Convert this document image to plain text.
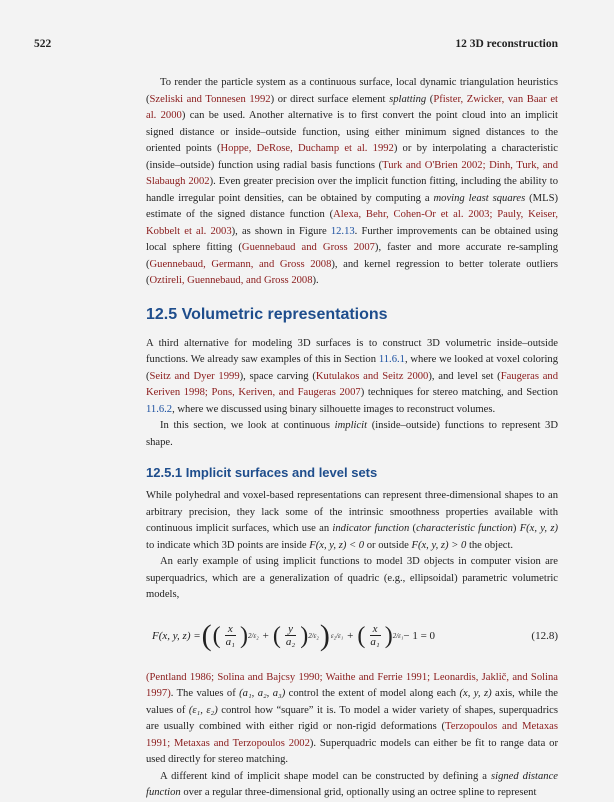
522	12 3D reconstruction

To render the particle system as a continuous surface, local dynamic triangulation heuristics (Szeliski and Tonnesen 1992) or direct surface element splatting (Pfister, Zwicker, van Baar et al. 2000) can be used. Another alternative is to first convert the point cloud into an implicit signed distance or inside–outside function, using either minimum signed distances to the oriented points (Hoppe, DeRose, Duchamp et al. 1992) or by interpolating a characteristic (inside–outside) function using radial basis functions (Turk and O'Brien 2002; Dinh, Turk, and Slabaugh 2002). Even greater precision over the implicit function fitting, including the ability to handle irregular point densities, can be obtained by computing a moving least squares (MLS) estimate of the signed distance function (Alexa, Behr, Cohen-Or et al. 2003; Pauly, Keiser, Kobbelt et al. 2003), as shown in Figure 12.13. Further improvements can be obtained using local sphere fitting (Guennebaud and Gross 2007), faster and more accurate re-sampling (Guennebaud, Germann, and Gross 2008), and kernel regression to better tolerate outliers (Oztireli, Guennebaud, and Gross 2008).

12.5 Volumetric representations

A third alternative for modeling 3D surfaces is to construct 3D volumetric inside–outside functions. We already saw examples of this in Section 11.6.1, where we looked at voxel coloring (Seitz and Dyer 1999), space carving (Kutulakos and Seitz 2000), and level set (Faugeras and Keriven 1998; Pons, Keriven, and Faugeras 2007) techniques for stereo matching, and Section 11.6.2, where we discussed using binary silhouette images to reconstruct volumes.

In this section, we look at continuous implicit (inside–outside) functions to represent 3D shape.

12.5.1 Implicit surfaces and level sets

While polyhedral and voxel-based representations can represent three-dimensional shapes to an arbitrary precision, they lack some of the intrinsic smoothness properties available with continuous implicit surfaces, which use an indicator function (characteristic function) F(x, y, z) to indicate which 3D points are inside F(x, y, z) < 0 or outside F(x, y, z) > 0 the object.

An early example of using implicit functions to model 3D objects in computer vision are superquadrics, which are a generalization of quadric (e.g., ellipsoidal) parametric volumetric models,

F(x, y, z) = ( ( $\frac{x}{\text{a₁}}$ ) 2/ε₂ + ( $\frac{y}{\text{a₂}}$ ) 2/ε₂ ) ε₂/ε₁ + ( $\frac{x}{\text{a₁}}$ ) 2/ε₁ − 1 = 0	(12.8)

(Pentland 1986; Solina and Bajcsy 1990; Waithe and Ferrie 1991; Leonardis, Jaklič, and Solina 1997). The values of (a₁, a₂, a₃) control the extent of model along each (x, y, z) axis, while the values of (ε₁, ε₂) control how “square” it is. To model a wider variety of shapes, superquadrics are usually combined with either rigid or non-rigid deformations (Terzopoulos and Metaxas 1991; Metaxas and Terzopoulos 2002). Superquadric models can either be fit to range data or used directly for stereo matching.

A different kind of implicit shape model can be constructed by defining a signed distance function over a regular three-dimensional grid, optionally using an octree spline to represent
